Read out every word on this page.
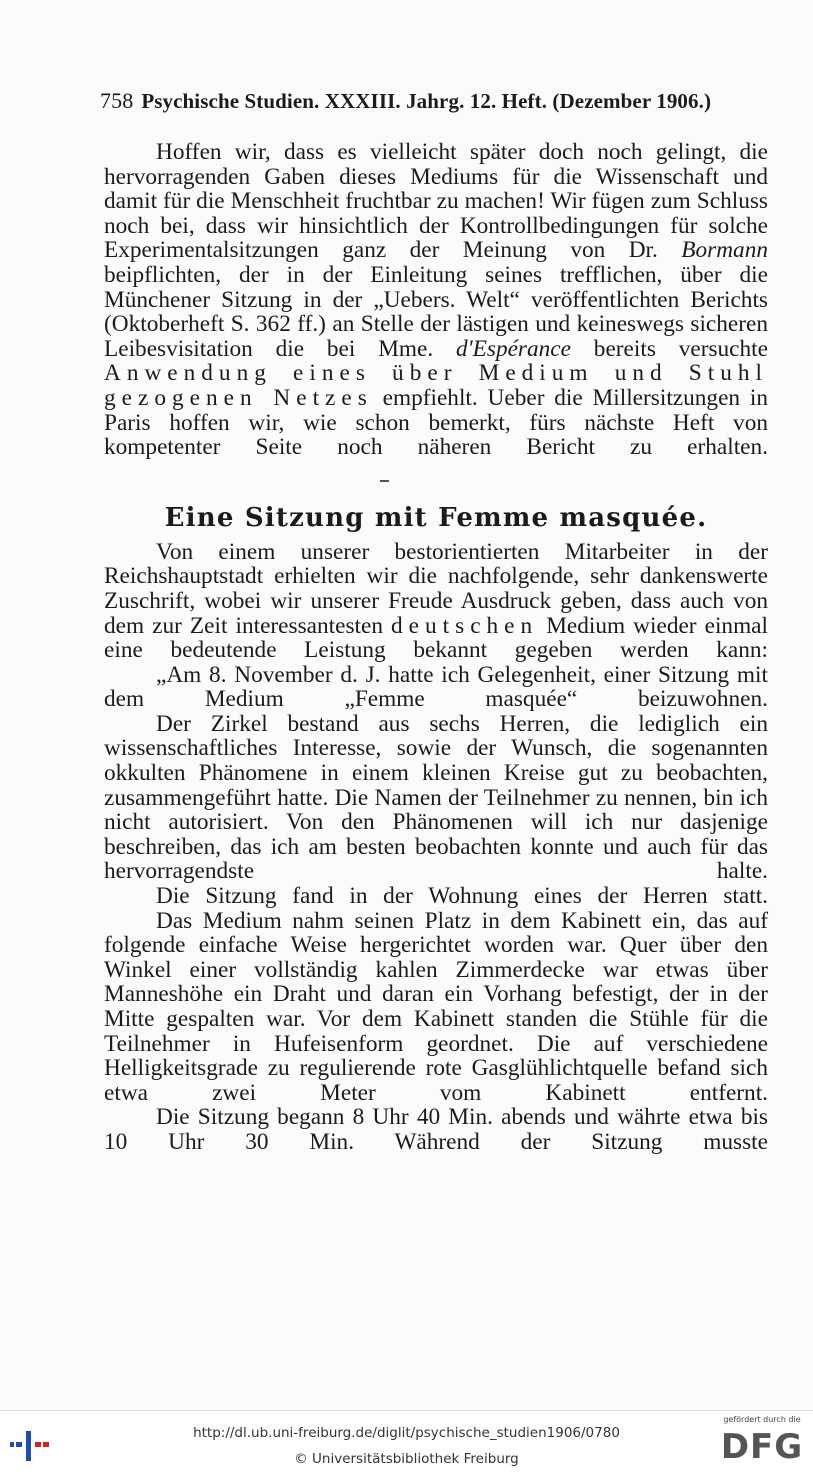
758 Psychische Studien. XXXIII. Jahrg. 12. Heft. (Dezember 1906.)

Hoffen wir, dass es vielleicht später doch noch gelingt, die hervorragenden Gaben dieses Mediums für die Wissenschaft und damit für die Menschheit fruchtbar zu machen! Wir fügen zum Schluss noch bei, dass wir hinsichtlich der Kontrollbedingungen für solche Experimentalsitzungen ganz der Meinung von Dr. Bormann beipflichten, der in der Einleitung seines trefflichen, über die Münchener Sitzung in der „Uebers. Welt“ veröffentlichten Berichts (Oktoberheft S. 362 ff.) an Stelle der lästigen und keineswegs sicheren Leibesvisitation die bei Mme. d'Espérance bereits versuchte Anwendung eines über Medium und Stuhl gezogenen Netzes empfiehlt. Ueber die Millersitzungen in Paris hoffen wir, wie schon bemerkt, fürs nächste Heft von kompetenter Seite noch näheren Bericht zu erhalten.

Eine Sitzung mit Femme masquée.

Von einem unserer bestorientierten Mitarbeiter in der Reichshauptstadt erhielten wir die nachfolgende, sehr dankenswerte Zuschrift, wobei wir unserer Freude Ausdruck geben, dass auch von dem zur Zeit interessantesten deutschen Medium wieder einmal eine bedeutende Leistung bekannt gegeben werden kann:

„Am 8. November d. J. hatte ich Gelegenheit, einer Sitzung mit dem Medium „Femme masquée“ beizuwohnen.

Der Zirkel bestand aus sechs Herren, die lediglich ein wissenschaftliches Interesse, sowie der Wunsch, die sogenannten okkulten Phänomene in einem kleinen Kreise gut zu beobachten, zusammengeführt hatte. Die Namen der Teilnehmer zu nennen, bin ich nicht autorisiert. Von den Phänomenen will ich nur dasjenige beschreiben, das ich am besten beobachten konnte und auch für das hervorragendste halte.

Die Sitzung fand in der Wohnung eines der Herren statt.

Das Medium nahm seinen Platz in dem Kabinett ein, das auf folgende einfache Weise hergerichtet worden war. Quer über den Winkel einer vollständig kahlen Zimmerdecke war etwas über Manneshöhe ein Draht und daran ein Vorhang befestigt, der in der Mitte gespalten war. Vor dem Kabinett standen die Stühle für die Teilnehmer in Hufeisenform geordnet. Die auf verschiedene Helligkeitsgrade zu regulierende rote Gasglühlichtquelle befand sich etwa zwei Meter vom Kabinett entfernt.

Die Sitzung begann 8 Uhr 40 Min. abends und währte etwa bis 10 Uhr 30 Min. Während der Sitzung musste

http://dl.ub.uni-freiburg.de/diglit/psychische_studien1906/0780
© Universitätsbibliothek Freiburg
gefördert durch die
DFG
